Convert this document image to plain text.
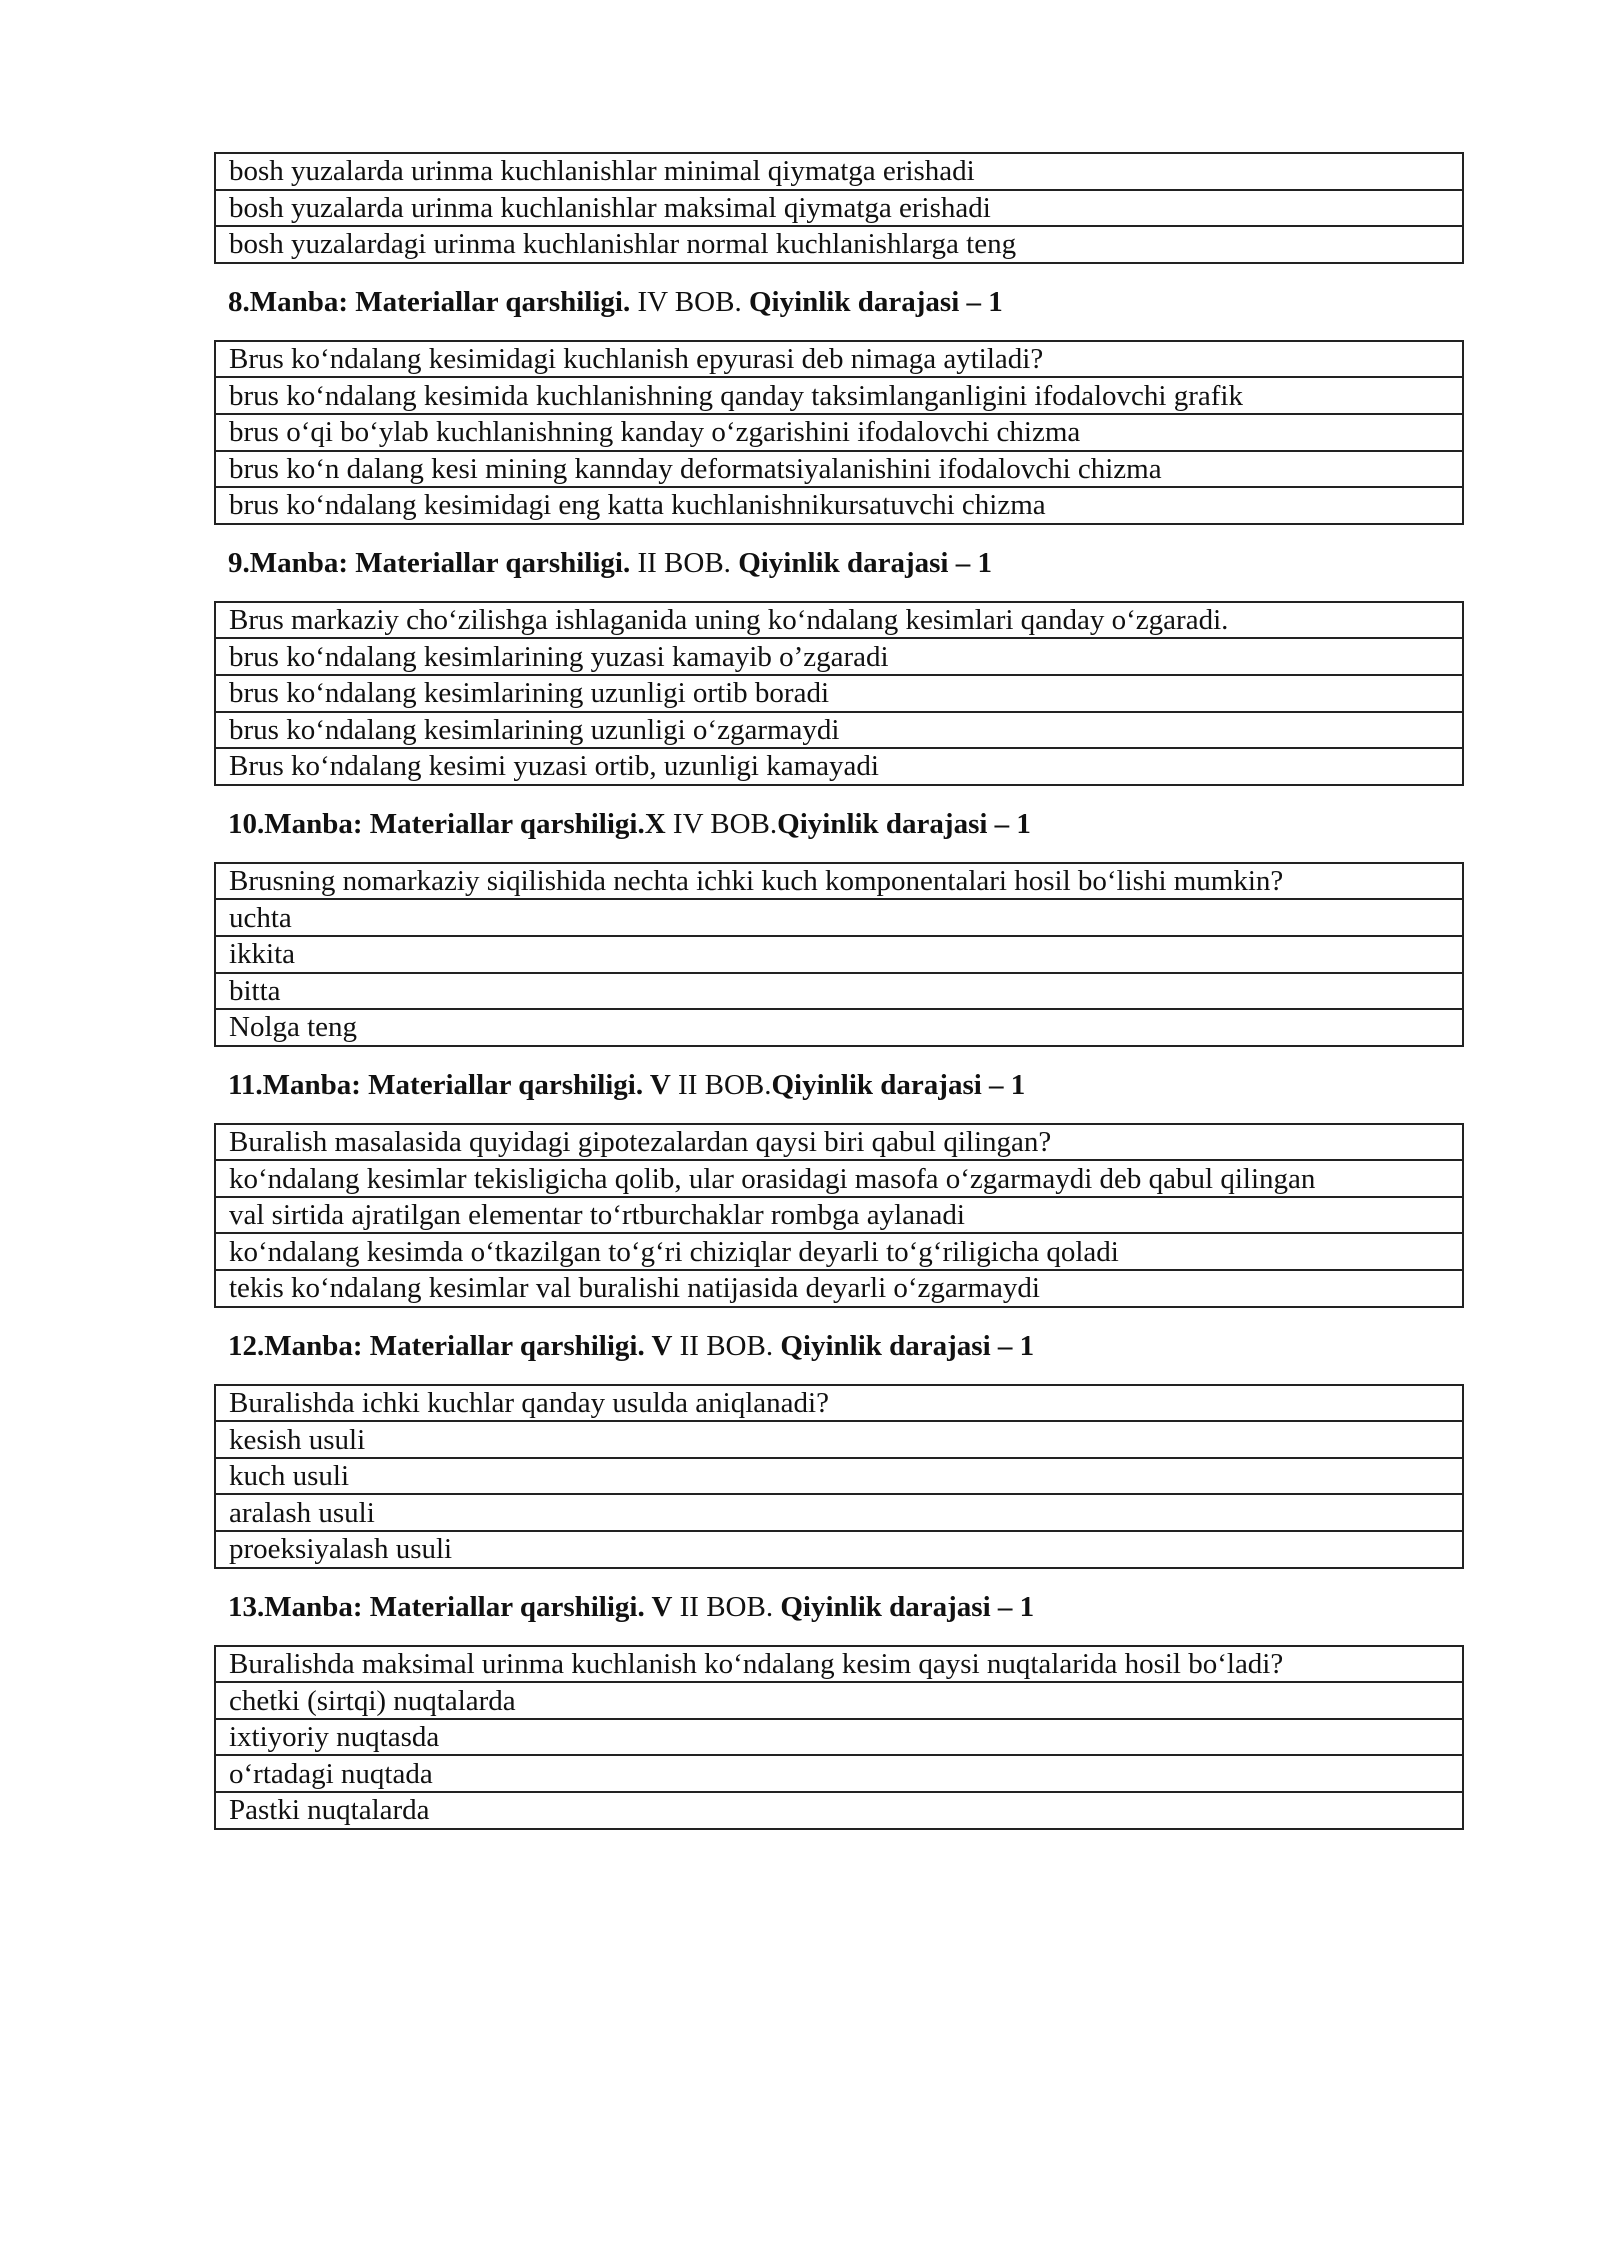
bosh yuzalarda urinma kuchlanishlar minimal qiymatga erishadi
bosh yuzalarda urinma kuchlanishlar maksimal qiymatga erishadi
bosh yuzalardagi urinma kuchlanishlar normal kuchlanishlarga teng
8.Manba: Materiallar qarshiligi. IV BOB. Qiyinlik darajasi – 1
Brus ko‘ndalang kesimidagi kuchlanish epyurasi deb nimaga aytiladi?
brus ko‘ndalang kesimida kuchlanishning qanday taksimlanganligini ifodalovchi grafik
brus o‘qi bo‘ylab kuchlanishning kanday o‘zgarishini ifodalovchi chizma
brus ko‘n dalang kesi mining kannday deformatsiyalanishini ifodalovchi chizma
brus ko‘ndalang kesimidagi eng katta kuchlanishnikursatuvchi chizma
9.Manba: Materiallar qarshiligi. II BOB. Qiyinlik darajasi – 1
Brus markaziy cho‘zilishga ishlaganida uning ko‘ndalang kesimlari qanday o‘zgaradi.
brus ko‘ndalang kesimlarining yuzasi kamayib o’zgaradi
brus ko‘ndalang kesimlarining uzunligi ortib boradi
brus ko‘ndalang kesimlarining uzunligi o‘zgarmaydi
Brus ko‘ndalang kesimi yuzasi ortib, uzunligi kamayadi
10.Manba: Materiallar qarshiligi.X IV BOB.Qiyinlik darajasi – 1
Brusning nomarkaziy siqilishida nechta ichki kuch komponentalari hosil bo‘lishi mumkin?
uchta
ikkita
bitta
Nolga teng
11.Manba: Materiallar qarshiligi. V II BOB.Qiyinlik darajasi – 1
Buralish masalasida quyidagi gipotezalardan qaysi biri qabul qilingan?
ko‘ndalang kesimlar tekisligicha qolib, ular orasidagi masofa o‘zgarmaydi deb qabul qilingan
val sirtida ajratilgan elementar to‘rtburchaklar rombga aylanadi
ko‘ndalang kesimda o‘tkazilgan to‘g‘ri chiziqlar deyarli to‘g‘riligicha qoladi
tekis ko‘ndalang kesimlar val buralishi natijasida deyarli o‘zgarmaydi
12.Manba: Materiallar qarshiligi. V II BOB. Qiyinlik darajasi – 1
Buralishda ichki kuchlar qanday usulda aniqlanadi?
kesish usuli
kuch usuli
aralash usuli
proeksiyalash usuli
13.Manba: Materiallar qarshiligi. V II BOB. Qiyinlik darajasi – 1
Buralishda maksimal urinma kuchlanish ko‘ndalang kesim qaysi nuqtalarida hosil bo‘ladi?
chetki (sirtqi) nuqtalarda
ixtiyoriy nuqtasda
o‘rtadagi nuqtada
Pastki nuqtalarda
